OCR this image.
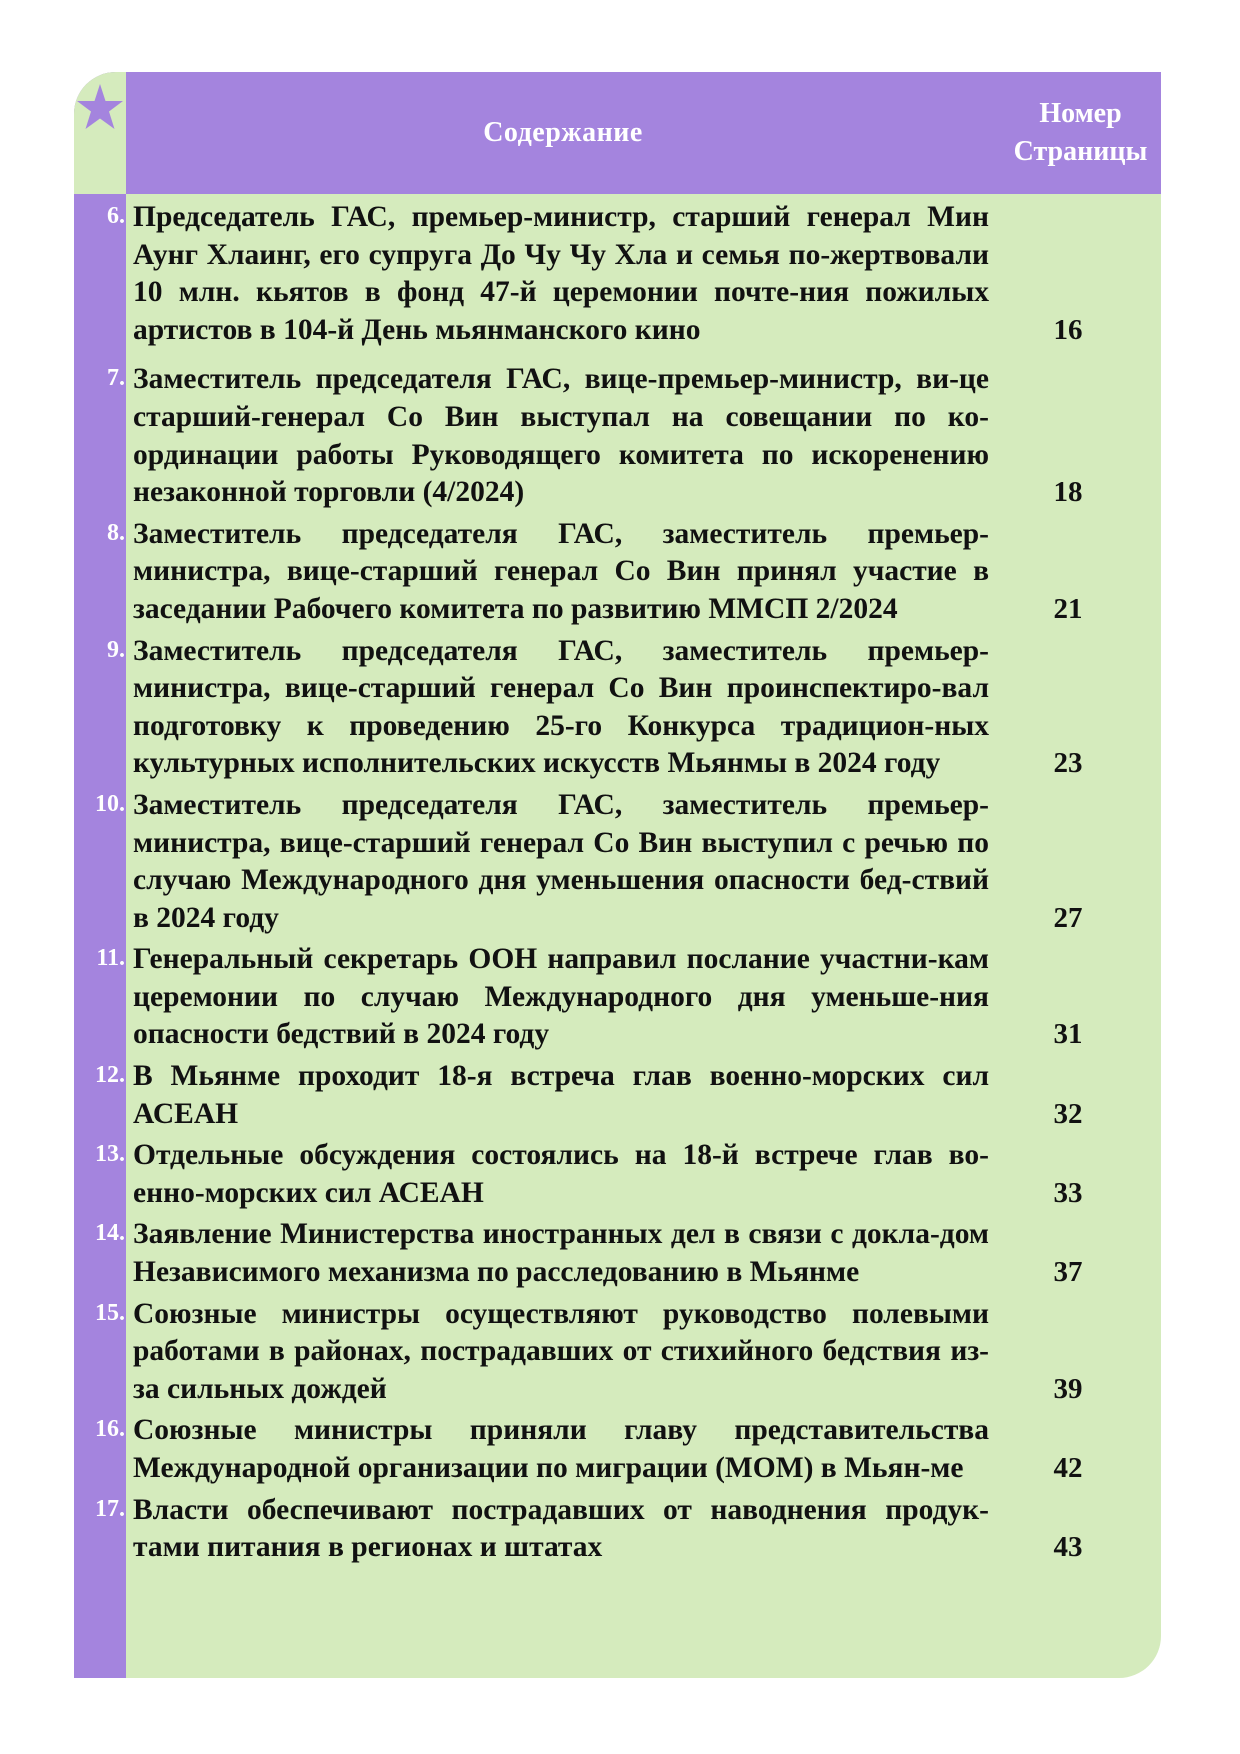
Содержание
Номер
Страницы
6. Председатель ГАС, премьер-министр, старший генерал Мин Аунг Хлаинг, его супруга До Чу Чу Хла и семья по-жертвовали 10 млн. кьятов в фонд 47-й церемонии почте-ния пожилых артистов в 104-й День мьянманского кино	16
7. Заместитель председателя ГАС, вице-премьер-министр, ви-це старший-генерал Со Вин выступал на совещании по ко-ординации работы Руководящего комитета по искоренению незаконной торговли (4/2024)	18
8. Заместитель председателя ГАС, заместитель премьер-министра, вице-старший генерал Со Вин принял участие в заседании Рабочего комитета по развитию ММСП 2/2024	21
9. Заместитель председателя ГАС, заместитель премьер-министра, вице-старший генерал Со Вин проинспектиро-вал подготовку к проведению 25-го Конкурса традицион-ных культурных исполнительских искусств Мьянмы в 2024 году	23
10. Заместитель председателя ГАС, заместитель премьер-министра, вице-старший генерал Со Вин выступил с речью по случаю Международного дня уменьшения опасности бед-ствий в 2024 году	27
11. Генеральный секретарь ООН направил послание участни-кам церемонии по случаю Международного дня уменьше-ния опасности бедствий в 2024 году	31
12. В Мьянме проходит 18-я встреча глав военно-морских сил АСЕАН	32
13. Отдельные обсуждения состоялись на 18-й встрече глав во-енно-морских сил АСЕАН	33
14. Заявление Министерства иностранных дел в связи с докла-дом Независимого механизма по расследованию в Мьянме	37
15. Союзные министры осуществляют руководство полевыми работами в районах, пострадавших от стихийного бедствия из-за сильных дождей	39
16. Союзные министры приняли главу представительства Международной организации по миграции (МОМ) в Мьян-ме	42
17. Власти обеспечивают пострадавших от наводнения продук-тами питания в регионах и штатах	43
